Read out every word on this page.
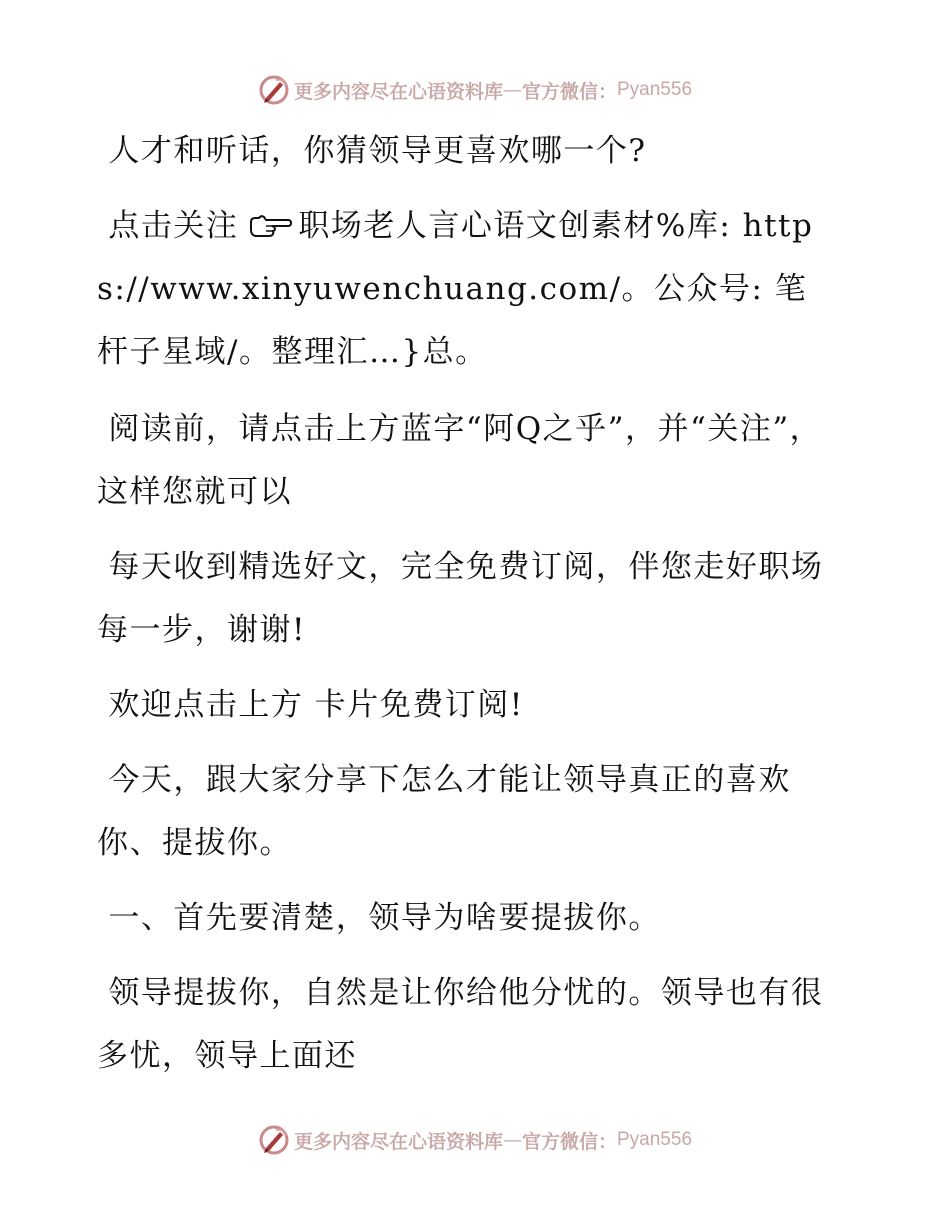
更多内容尽在心语资料库 — 官方微信： Pyan556
人才和听话，你猜领导更喜欢哪一个?
点击关注 职场老人言心语文创素材%库: https://www.xinyuwenchuang.com/。公众号: 笔杆子星域/。整理汇…}总。
阅读前，请点击上方蓝字“阿Q之乎”，并“关注”，这样您就可以
每天收到精选好文，完全免费订阅，伴您走好职场每一步，谢谢!
欢迎点击上方 卡片免费订阅!
今天，跟大家分享下怎么才能让领导真正的喜欢你、提拔你。
一、首先要清楚，领导为啥要提拔你。
领导提拔你，自然是让你给他分忧的。领导也有很多忧，领导上面还
更多内容尽在心语资料库 — 官方微信： Pyan556
